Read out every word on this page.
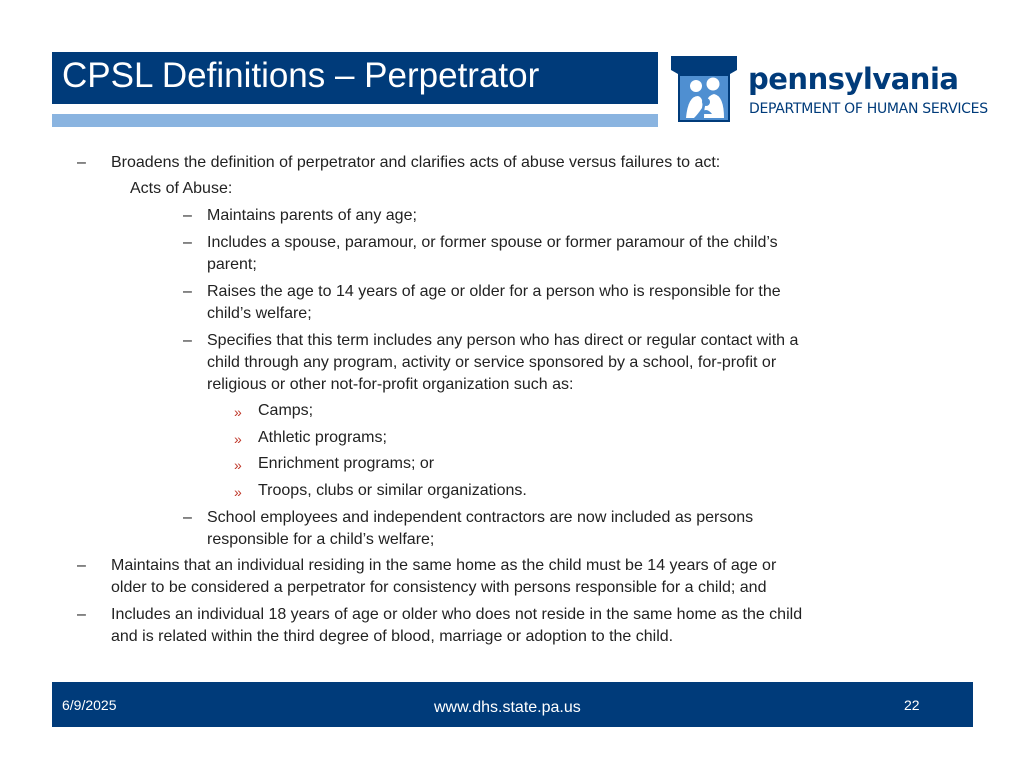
CPSL Definitions – Perpetrator	pennsylvania
DEPARTMENT OF HUMAN SERVICES
– Broadens the definition of perpetrator and clarifies acts of abuse versus failures to act:
Acts of Abuse:
– Maintains parents of any age;
– Includes a spouse, paramour, or former spouse or former paramour of the child’s
parent;
– Raises the age to 14 years of age or older for a person who is responsible for the
child’s welfare;
– Specifies that this term includes any person who has direct or regular contact with a
child through any program, activity or service sponsored by a school, for-profit or
religious or other not-for-profit organization such as:
» Camps;
» Athletic programs;
» Enrichment programs; or
» Troops, clubs or similar organizations.
– School employees and independent contractors are now included as persons
responsible for a child’s welfare;
– Maintains that an individual residing in the same home as the child must be 14 years of age or
older to be considered a perpetrator for consistency with persons responsible for a child; and
– Includes an individual 18 years of age or older who does not reside in the same home as the child
and is related within the third degree of blood, marriage or adoption to the child.
6/9/2025	www.dhs.state.pa.us	22
